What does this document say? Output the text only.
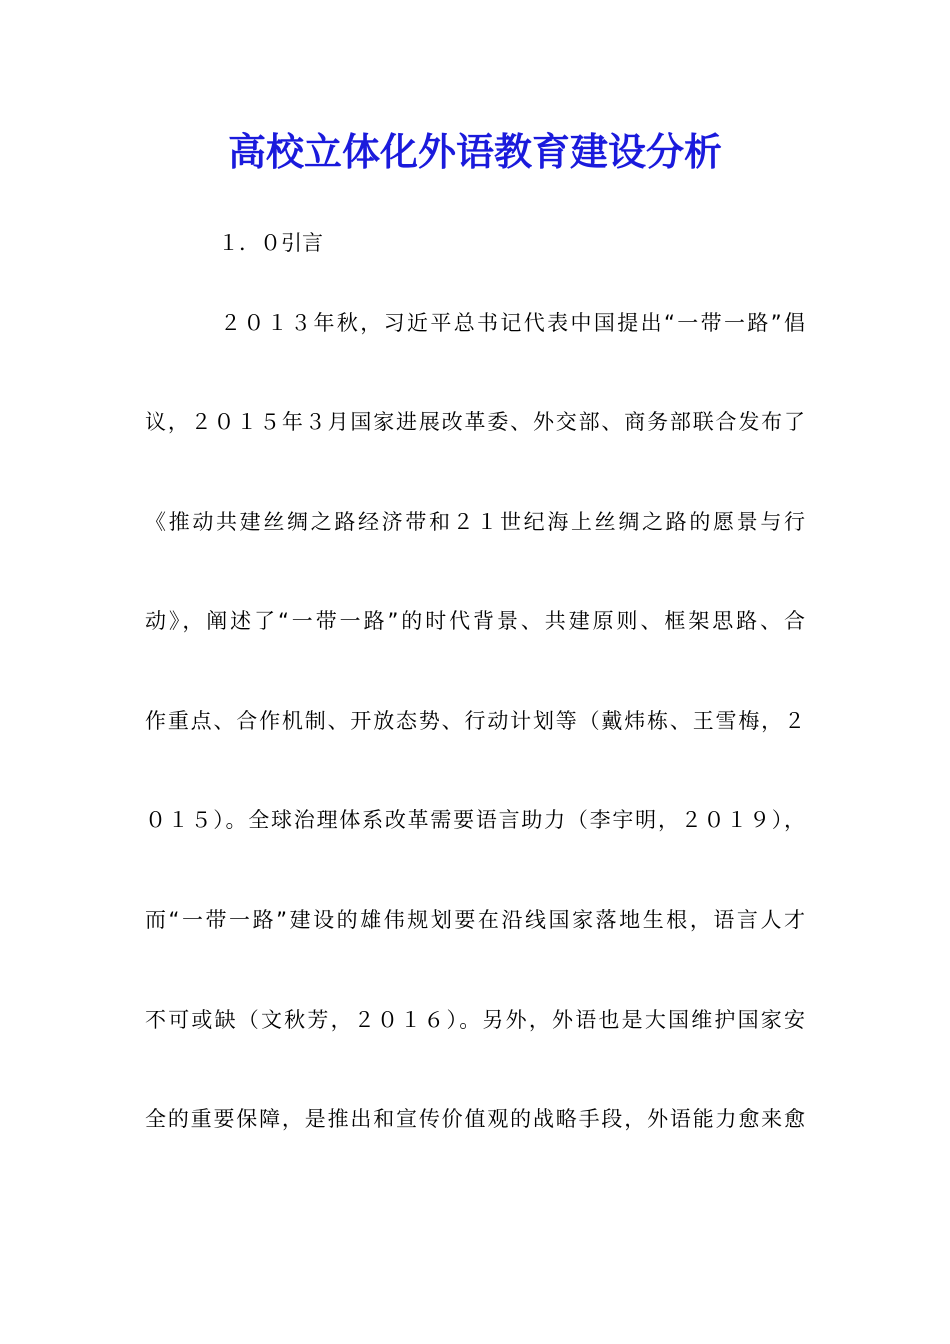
高校立体化外语教育建设分析

１．０引言

２０１３年秋，习近平总书记代表中国提出“一带一路”倡

议，２０１５年３月国家进展改革委、外交部、商务部联合发布了

《推动共建丝绸之路经济带和２１世纪海上丝绸之路的愿景与行

动》，阐述了“一带一路”的时代背景、共建原则、框架思路、合

作重点、合作机制、开放态势、行动计划等（戴炜栋、王雪梅，２

０１５）。全球治理体系改革需要语言助力（李宇明，２０１９），

而“一带一路”建设的雄伟规划要在沿线国家落地生根，语言人才

不可或缺（文秋芳，２０１６）。另外，外语也是大国维护国家安

全的重要保障，是推出和宣传价值观的战略手段，外语能力愈来愈
